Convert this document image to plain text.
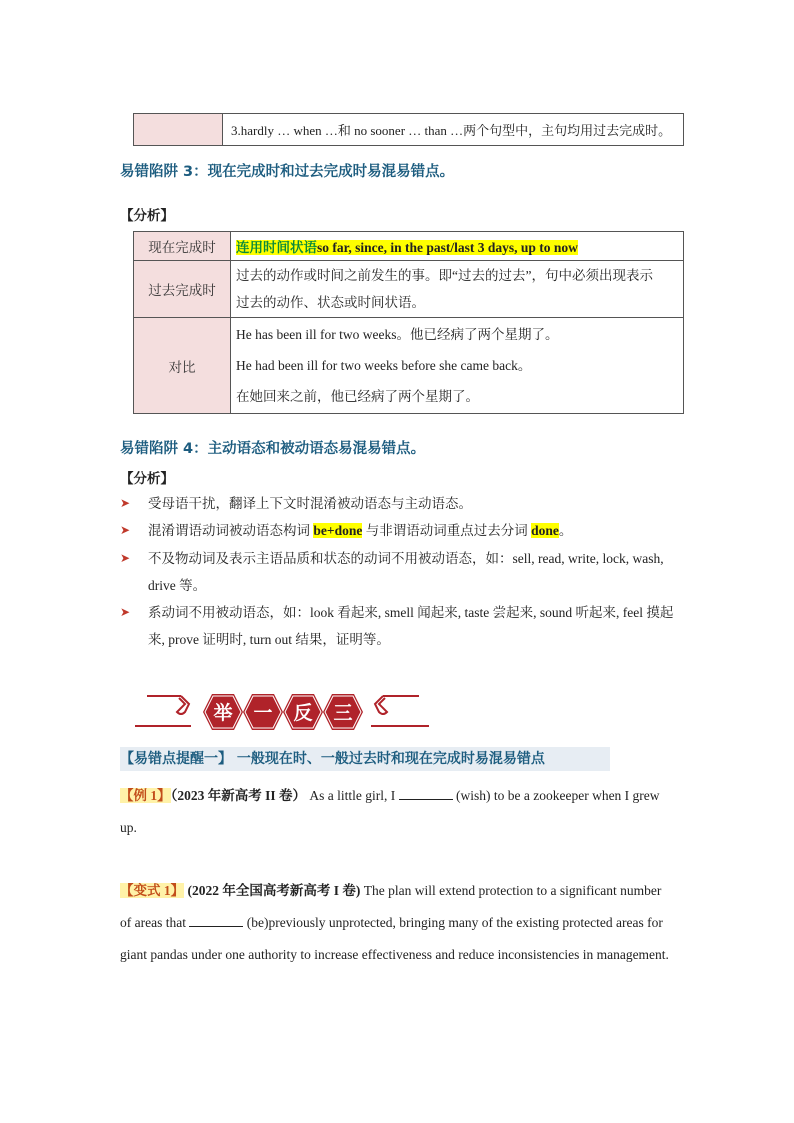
	3.hardly … when …和 no sooner … than …两个句型中，主句均用过去完成时。
易错陷阱 3：现在完成时和过去完成时易混易错点。
【分析】
现在完成时	连用时间状语so far, since, in the past/last 3 days, up to now
过去完成时	过去的动作或时间之前发生的事。即“过去的过去”，句中必须出现表示
过去的动作、状态或时间状语。

对比	He has been ill for two weeks。他已经病了两个星期了。
He had been ill for two weeks before she came back。
在她回来之前，他已经病了两个星期了。
易错陷阱 4：主动语态和被动语态易混易错点。
【分析】
➤	受母语干扰，翻译上下文时混淆被动语态与主动语态。
➤	混淆谓语动词被动语态构词 be+done 与非谓语动词重点过去分词 done。
➤	不及物动词及表示主语品质和状态的动词不用被动语态，如：sell, read, write, lock, wash,
drive 等。
➤	系动词不用被动语态，如：look 看起来, smell 闻起来, taste 尝起来, sound 听起来, feel 摸起
来, prove 证明时, turn out 结果，证明等。
举 一 反 三
【易错点提醒一】 一般现在时、一般过去时和现在完成时易混易错点
【例 1】（2023 年新高考 II 卷） As a little girl, I	(wish) to be a zookeeper when I grew
up.
【变式 1】 (2022 年全国高考新高考 I 卷) The plan will extend protection to a significant number
of areas that	(be)previously unprotected, bringing many of the existing protected areas for
giant pandas under one authority to increase effectiveness and reduce inconsistencies in management.
